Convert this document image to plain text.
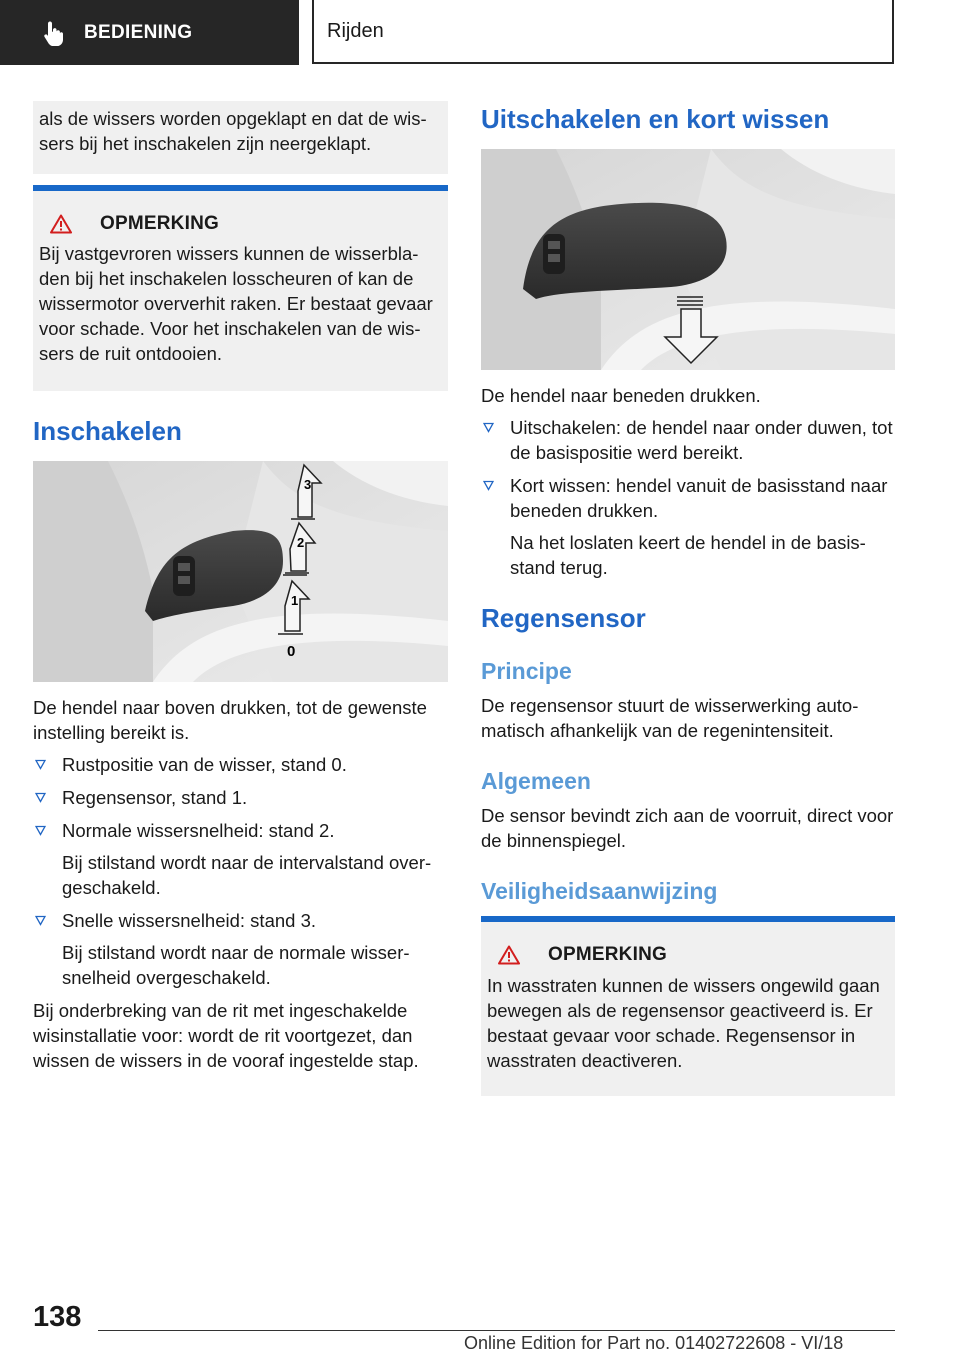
BEDIENING	Rijden

als de wissers worden opgeklapt en dat de wis- sers bij het inschakelen zijn neergeklapt.

OPMERKING

Bij vastgevroren wissers kunnen de wisserbla- den bij het inschakelen losscheuren of kan de wissermotor oververhit raken. Er bestaat gevaar voor schade. Voor het inschakelen van de wis- sers de ruit ontdooien.

Inschakelen
3
2
1
0

De hendel naar boven drukken, tot de gewenste instelling bereikt is.

Rustpositie van de wisser, stand 0.

Regensensor, stand 1.

Normale wissersnelheid: stand 2.

Bij stilstand wordt naar de intervalstand over- geschakeld.

Snelle wissersnelheid: stand 3.

Bij stilstand wordt naar de normale wisser- snelheid overgeschakeld.

Bij onderbreking van de rit met ingeschakelde wisinstallatie voor: wordt de rit voortgezet, dan wissen de wissers in de vooraf ingestelde stap.

Uitschakelen en kort wissen

De hendel naar beneden drukken.

Uitschakelen: de hendel naar onder duwen, tot de basispositie werd bereikt.

Kort wissen: hendel vanuit de basisstand naar beneden drukken.

Na het loslaten keert de hendel in de basis- stand terug.

Regensensor
Principe

De regensensor stuurt de wisserwerking auto- matisch afhankelijk van de regenintensiteit.

Algemeen

De sensor bevindt zich aan de voorruit, direct voor de binnenspiegel.

Veiligheidsaanwijzing
OPMERKING

In wasstraten kunnen de wissers ongewild gaan bewegen als de regensensor geactiveerd is. Er bestaat gevaar voor schade. Regensensor in wasstraten deactiveren.

138
Online Edition for Part no. 01402722608 - VI/18
